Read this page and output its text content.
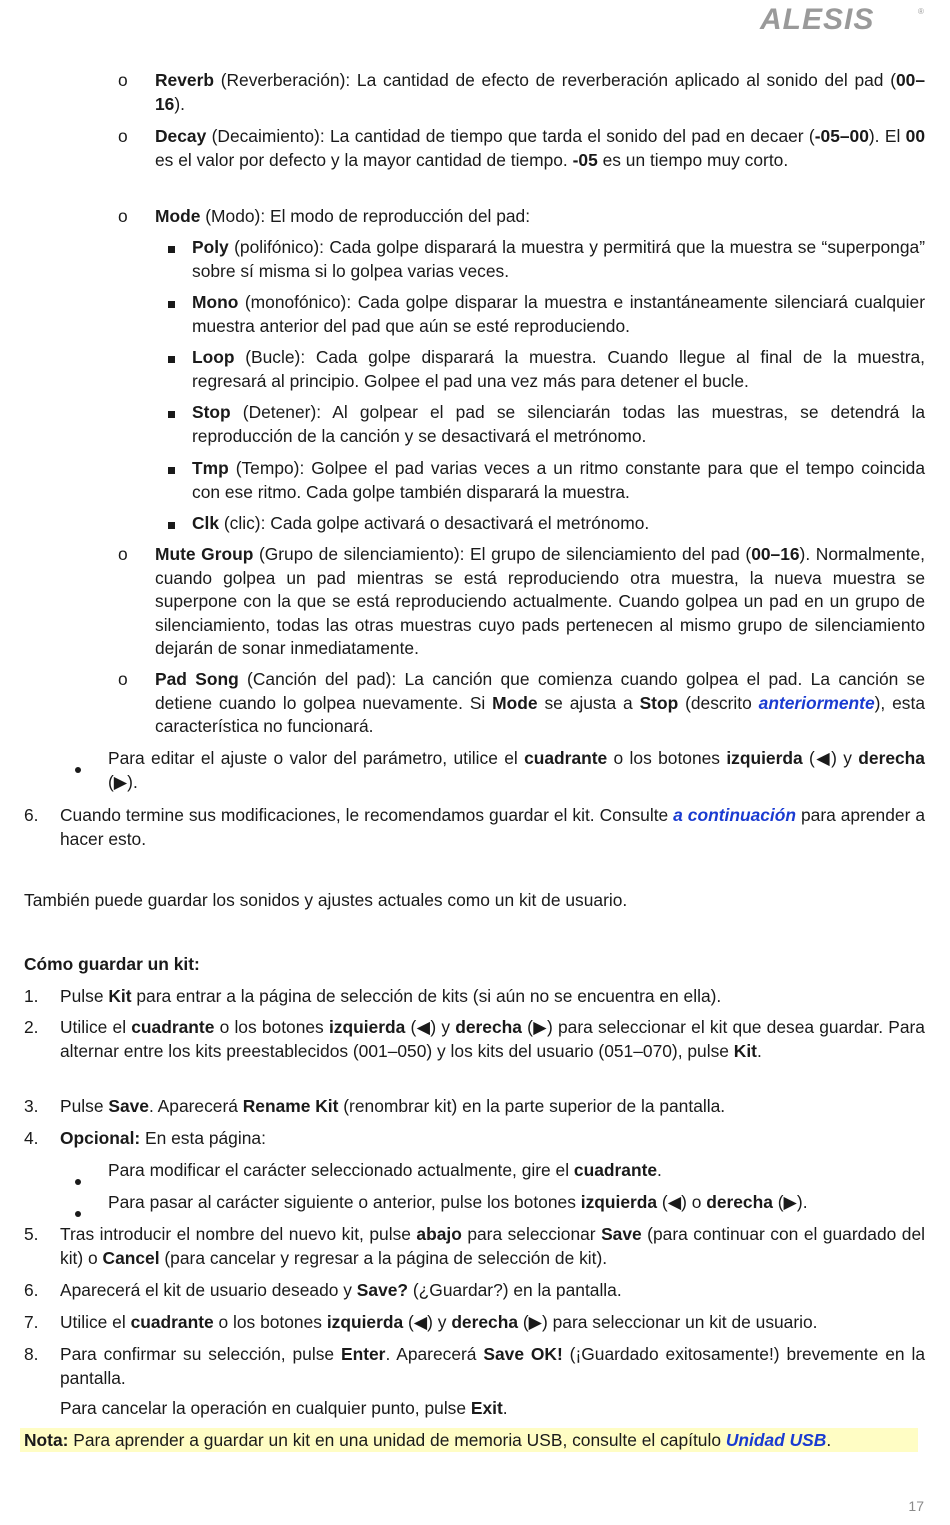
ALESIS	®
o Reverb (Reverberación): La cantidad de efecto de reverberación aplicado al sonido del pad (00–16).
o Decay (Decaimiento): La cantidad de tiempo que tarda el sonido del pad en decaer (-05–00). El 00 es el valor por defecto y la mayor cantidad de tiempo. -05 es un tiempo muy corto.
o Mode (Modo): El modo de reproducción del pad:
Poly (polifónico): Cada golpe disparará la muestra y permitirá que la muestra se “superponga” sobre sí misma si lo golpea varias veces.
Mono (monofónico): Cada golpe disparar la muestra e instantáneamente silenciará cualquier muestra anterior del pad que aún se esté reproduciendo.
Loop (Bucle): Cada golpe disparará la muestra. Cuando llegue al final de la muestra, regresará al principio. Golpee el pad una vez más para detener el bucle.
Stop (Detener): Al golpear el pad se silenciarán todas las muestras, se detendrá la reproducción de la canción y se desactivará el metrónomo.
Tmp (Tempo): Golpee el pad varias veces a un ritmo constante para que el tempo coincida con ese ritmo. Cada golpe también disparará la muestra.
Clk (clic): Cada golpe activará o desactivará el metrónomo.
o Mute Group (Grupo de silenciamiento): El grupo de silenciamiento del pad (00–16). Normalmente, cuando golpea un pad mientras se está reproduciendo otra muestra, la nueva muestra se superpone con la que se está reproduciendo actualmente. Cuando golpea un pad en un grupo de silenciamiento, todas las otras muestras cuyo pads pertenecen al mismo grupo de silenciamiento dejarán de sonar inmediatamente.
o Pad Song (Canción del pad): La canción que comienza cuando golpea el pad. La canción se detiene cuando lo golpea nuevamente. Si Mode se ajusta a Stop (descrito anteriormente), esta característica no funcionará.
Para editar el ajuste o valor del parámetro, utilice el cuadrante o los botones izquierda (◀) y derecha (▶).
6. Cuando termine sus modificaciones, le recomendamos guardar el kit. Consulte a continuación para aprender a hacer esto.
También puede guardar los sonidos y ajustes actuales como un kit de usuario.
Cómo guardar un kit:
1. Pulse Kit para entrar a la página de selección de kits (si aún no se encuentra en ella).
2. Utilice el cuadrante o los botones izquierda (◀) y derecha (▶) para seleccionar el kit que desea guardar. Para alternar entre los kits preestablecidos (001–050) y los kits del usuario (051–070), pulse Kit.
3. Pulse Save. Aparecerá Rename Kit (renombrar kit) en la parte superior de la pantalla.
4. Opcional: En esta página:
Para modificar el carácter seleccionado actualmente, gire el cuadrante.
Para pasar al carácter siguiente o anterior, pulse los botones izquierda (◀) o derecha (▶).
5. Tras introducir el nombre del nuevo kit, pulse abajo para seleccionar Save (para continuar con el guardado del kit) o Cancel (para cancelar y regresar a la página de selección de kit).
6. Aparecerá el kit de usuario deseado y Save? (¿Guardar?) en la pantalla.
7. Utilice el cuadrante o los botones izquierda (◀) y derecha (▶) para seleccionar un kit de usuario.
8. Para confirmar su selección, pulse Enter. Aparecerá Save OK! (¡Guardado exitosamente!) brevemente en la pantalla.
Para cancelar la operación en cualquier punto, pulse Exit.
Nota: Para aprender a guardar un kit en una unidad de memoria USB, consulte el capítulo Unidad USB.
17
